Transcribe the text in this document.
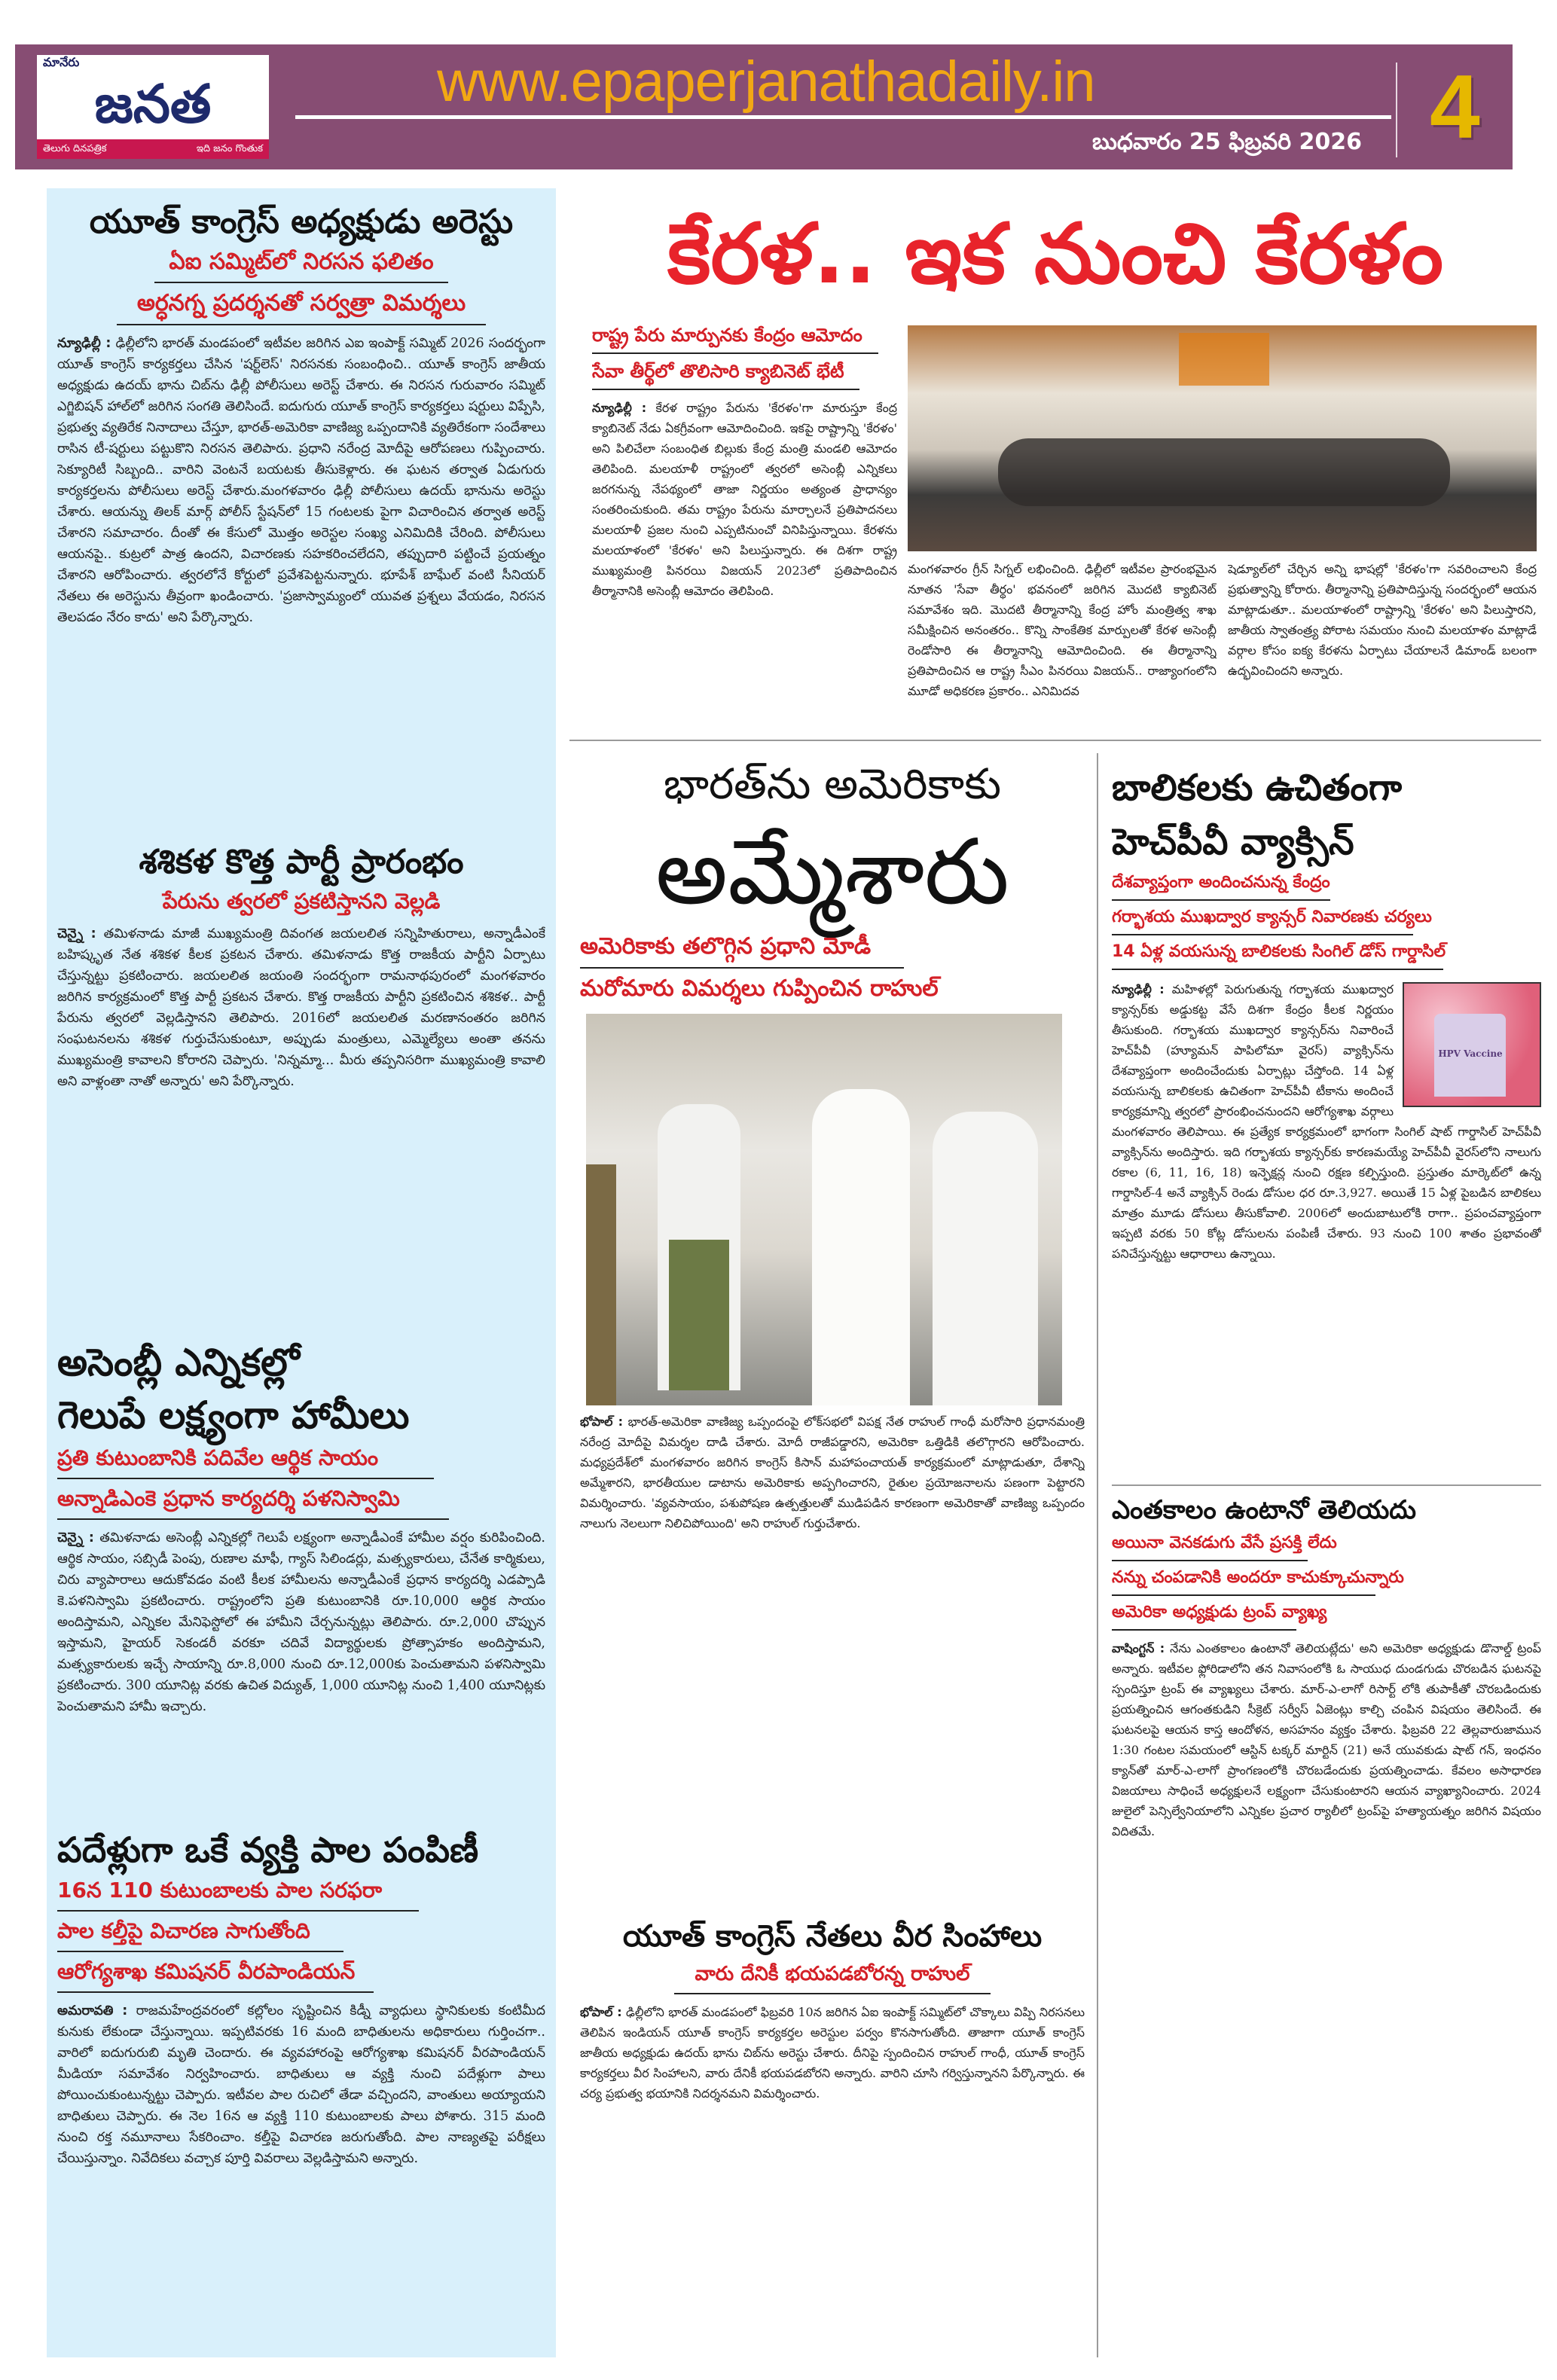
మానేరు
జనత
తెలుగు దినపత్రిక	ఇది జనం గొంతుక
www.epaperjanathadaily.in
బుధవారం 25 ఫిబ్రవరి 2026 4
యూత్ కాంగ్రెస్ అధ్యక్షుడు అరెస్టు
ఏఐ సమ్మిట్‌లో నిరసన ఫలితం
అర్ధనగ్న ప్రదర్శనతో సర్వత్రా విమర్శలు

న్యూఢిల్లీ : ఢిల్లీలోని భారత్ మండపంలో ఇటీవల జరిగిన ఎఐ ఇంపాక్ట్ సమ్మిట్ 2026 సందర్భంగా యూత్ కాంగ్రెస్ కార్యకర్తలు చేసిన 'షర్ట్‌లెస్' నిరసనకు సంబంధించి.. యూత్ కాంగ్రెస్ జాతీయ అధ్యక్షుడు ఉదయ్ భాను చిబ్‌ను ఢిల్లీ పోలీసులు అరెస్ట్ చేశారు. ఈ నిరసన గురువారం సమ్మిట్ ఎగ్జిబిషన్ హాల్‌లో జరిగిన సంగతి తెలిసిందే. ఐదుగురు యూత్ కాంగ్రెస్ కార్యకర్తలు షర్టులు విప్పేసి, ప్రభుత్వ వ్యతిరేక నినాదాలు చేస్తూ, భారత్-అమెరికా వాణిజ్య ఒప్పందానికి వ్యతిరేకంగా సందేశాలు రాసిన టీ-షర్టులు పట్టుకొని నిరసన తెలిపారు. ప్రధాని నరేంద్ర మోదీపై ఆరోపణలు గుప్పించారు. సెక్యూరిటీ సిబ్బంది.. వారిని వెంటనే బయటకు తీసుకెళ్లారు. ఈ ఘటన తర్వాత ఏడుగురు కార్యకర్తలను పోలీసులు అరెస్ట్ చేశారు.మంగళవారం ఢిల్లీ పోలీసులు ఉదయ్ భానును అరెస్టు చేశారు. ఆయన్ను తిలక్ మార్గ్ పోలీస్ స్టేషన్‌లో 15 గంటలకు పైగా విచారించిన తర్వాత అరెస్ట్ చేశారని సమాచారం. దీంతో ఈ కేసులో మొత్తం అరెస్టల సంఖ్య ఎనిమిదికి చేరింది. పోలీసులు ఆయనపై.. కుట్రలో పాత్ర ఉందని, విచారణకు సహకరించలేదని, తప్పుదారి పట్టించే ప్రయత్నం చేశారని ఆరోపించారు. త్వరలోనే కోర్టులో ప్రవేశపెట్టనున్నారు. భూపేశ్ బాఘేల్ వంటి సీనియర్ నేతలు ఈ అరెస్టును తీవ్రంగా ఖండించారు. 'ప్రజాస్వామ్యంలో యువత ప్రశ్నలు వేయడం, నిరసన తెలపడం నేరం కాదు' అని పేర్కొన్నారు.

శశికళ కొత్త పార్టీ ప్రారంభం
పేరును త్వరలో ప్రకటిస్తానని వెల్లడి

చెన్నై : తమిళనాడు మాజీ ముఖ్యమంత్రి దివంగత జయలలిత సన్నిహితురాలు, అన్నాడీఎంకే బహిష్కృత నేత శశికళ కీలక ప్రకటన చేశారు. తమిళనాడు కొత్త రాజకీయ పార్టీని ఏర్పాటు చేస్తున్నట్టు ప్రకటించారు. జయలలిత జయంతి సందర్భంగా రామనాథపురంలో మంగళవారం జరిగిన కార్యక్రమంలో కొత్త పార్టీ ప్రకటన చేశారు. కొత్త రాజకీయ పార్టీని ప్రకటించిన శశికళ.. పార్టీ పేరును త్వరలో వెల్లడిస్తానని తెలిపారు. 2016లో జయలలిత మరణానంతరం జరిగిన సంఘటనలను శశికళ గుర్తుచేసుకుంటూ, అప్పుడు మంత్రులు, ఎమ్మెల్యేలు అంతా తనను ముఖ్యమంత్రి కావాలని కోరారని చెప్పారు. 'నిన్నమ్మా... మీరు తప్పనిసరిగా ముఖ్యమంత్రి కావాలి అని వాళ్లంతా నాతో అన్నారు' అని పేర్కొన్నారు.

అసెంబ్లీ ఎన్నికల్లో
గెలుపే లక్ష్యంగా హామీలు
ప్రతి కుటుంబానికి పదివేల ఆర్థిక సాయం
అన్నాడిఎంకె ప్రధాన కార్యదర్శి పళనిస్వామి

చెన్నై : తమిళనాడు అసెంబ్లీ ఎన్నికల్లో గెలుపే లక్ష్యంగా అన్నాడీఎంకే హామీల వర్షం కురిపించింది. ఆర్థిక సాయం, సబ్సిడీ పెంపు, రుణాల మాఫీ, గ్యాస్ సిలిండర్లు, మత్స్యకారులు, చేనేత కార్మికులు, చిరు వ్యాపారాలు ఆదుకోవడం వంటి కీలక హామీలను అన్నాడీఎంకే ప్రధాన కార్యదర్శి ఎడప్పాడి కె.పళనిస్వామి ప్రకటించారు. రాష్ట్రంలోని ప్రతి కుటుంబానికి రూ.10,000 ఆర్థిక సాయం అందిస్తామని, ఎన్నికల మేనిఫెస్టోలో ఈ హామీని చేర్చనున్నట్లు తెలిపారు. రూ.2,000 చొప్పున ఇస్తామని, హైయర్ సెకండరీ వరకూ చదివే విద్యార్థులకు ప్రోత్సాహకం అందిస్తామని, మత్స్యకారులకు ఇచ్చే సాయాన్ని రూ.8,000 నుంచి రూ.12,000కు పెంచుతామని పళనిస్వామి ప్రకటించారు. 300 యూనిట్ల వరకు ఉచిత విద్యుత్, 1,000 యూనిట్ల నుంచి 1,400 యూనిట్లకు పెంచుతామని హామీ ఇచ్చారు.

పదేళ్లుగా ఒకే వ్యక్తి పాల పంపిణీ
16న 110 కుటుంబాలకు పాల సరఫరా
పాల కల్తీపై విచారణ సాగుతోంది
ఆరోగ్యశాఖ కమిషనర్ వీరపాండియన్

అమరావతి : రాజమహేంద్రవరంలో కల్లోలం సృష్టించిన కిడ్నీ వ్యాధులు స్థానికులకు కంటిమీద కునుకు లేకుండా చేస్తున్నాయి. ఇప్పటివరకు 16 మంది బాధితులను అధికారులు గుర్తించగా.. వారిలో ఐదుగురుబి మృతి చెందారు. ఈ వ్యవహారంపై ఆరోగ్యశాఖ కమిషనర్ వీరపాండియన్ మీడియా సమావేశం నిర్వహించారు. బాధితులు ఆ వ్యక్తి నుంచి పదేళ్లుగా పాలు పోయించుకుంటున్నట్టు చెప్పారు. ఇటీవల పాల రుచిలో తేడా వచ్చిందని, వాంతులు అయ్యాయని బాధితులు చెప్పారు. ఈ నెల 16న ఆ వ్యక్తి 110 కుటుంబాలకు పాలు పోశారు. 315 మంది నుంచి రక్త నమూనాలు సేకరించాం. కల్తీపై విచారణ జరుగుతోంది. పాల నాణ్యతపై పరీక్షలు చేయిస్తున్నాం. నివేదికలు వచ్చాక పూర్తి వివరాలు వెల్లడిస్తామని అన్నారు.

కేరళ.. ఇక నుంచి కేరళం
రాష్ట్ర పేరు మార్పునకు కేంద్రం ఆమోదం
సేవా తీర్థ్‌లో తొలిసారి క్యాబినెట్ భేటీ

న్యూఢిల్లీ : కేరళ రాష్ట్రం పేరును 'కేరళం'గా మారుస్తూ కేంద్ర క్యాబినెట్ నేడు ఏకగ్రీవంగా ఆమోదించింది. ఇకపై రాష్ట్రాన్ని 'కేరళం' అని పిలిచేలా సంబంధిత బిల్లుకు కేంద్ర మంత్రి మండలి ఆమోదం తెలిపింది. మలయాళీ రాష్ట్రంలో త్వరలో అసెంబ్లీ ఎన్నికలు జరగనున్న నేపథ్యంలో తాజా నిర్ణయం అత్యంత ప్రాధాన్యం సంతరించుకుంది. తమ రాష్ట్రం పేరును మార్చాలనే ప్రతిపాదనలు మలయాళీ ప్రజల నుంచి ఎప్పటినుంచో వినిపిస్తున్నాయి. కేరళను మలయాళంలో 'కేరళం' అని పిలుస్తున్నారు. ఈ దిశగా రాష్ట్ర ముఖ్యమంత్రి పినరయి విజయన్ 2023లో ప్రతిపాదించిన తీర్మానానికి అసెంబ్లీ ఆమోదం తెలిపింది.

మంగళవారం గ్రీన్ సిగ్నల్ లభించింది. ఢిల్లీలో ఇటీవల ప్రారంభమైన నూతన 'సేవా తీర్థం' భవనంలో జరిగిన మొదటి క్యాబినెట్ సమావేశం ఇది. మొదటి తీర్మానాన్ని కేంద్ర హోం మంత్రిత్వ శాఖ సమీక్షించిన అనంతరం.. కొన్ని సాంకేతిక మార్పులతో కేరళ అసెంబ్లీ రెండోసారి ఈ తీర్మానాన్ని ఆమోదించింది. ఈ తీర్మానాన్ని ప్రతిపాదించిన ఆ రాష్ట్ర సీఎం పినరయి విజయన్.. రాజ్యాంగంలోని మూడో అధికరణ ప్రకారం.. ఎనిమిదవ

షెడ్యూల్‌లో చేర్చిన అన్ని భాషల్లో 'కేరళం'గా సవరించాలని కేంద్ర ప్రభుత్వాన్ని కోరారు. తీర్మానాన్ని ప్రతిపాదిస్తున్న సందర్భంలో ఆయన మాట్లాడుతూ.. మలయాళంలో రాష్ట్రాన్ని 'కేరళం' అని పిలుస్తారని, జాతీయ స్వాతంత్ర్య పోరాట సమయం నుంచి మలయాళం మాట్లాడే వర్గాల కోసం ఐక్య కేరళను ఏర్పాటు చేయాలనే డిమాండ్ బలంగా ఉద్భవించిందని అన్నారు.

భారత్‌ను అమెరికాకు
అమ్మేశారు
అమెరికాకు తలొగ్గిన ప్రధాని మోడీ
మరోమారు విమర్శలు గుప్పించిన రాహుల్

భోపాల్ : భారత్-అమెరికా వాణిజ్య ఒప్పందంపై లోక్‌సభలో విపక్ష నేత రాహుల్ గాంధీ మరోసారి ప్రధానమంత్రి నరేంద్ర మోదీపై విమర్శల దాడి చేశారు. మోదీ రాజీపడ్డారని, అమెరికా ఒత్తిడికి తలొగ్గారని ఆరోపించారు. మధ్యప్రదేశ్‌లో మంగళవారం జరిగిన కాంగ్రెస్ కిసాన్ మహాపంచాయత్ కార్యక్రమంలో మాట్లాడుతూ, దేశాన్ని అమ్మేశారని, భారతీయుల డాటాను అమెరికాకు అప్పగించారని, రైతుల ప్రయోజనాలను పణంగా పెట్టారని విమర్శించారు. 'వ్యవసాయం, పశుపోషణ ఉత్పత్తులతో ముడిపడిన కారణంగా అమెరికాతో వాణిజ్య ఒప్పందం నాలుగు నెలలుగా నిలిచిపోయింది' అని రాహుల్ గుర్తుచేశారు.

యూత్ కాంగ్రెస్ నేతలు వీర సింహాలు
వారు దేనికీ భయపడబోరన్న రాహుల్

భోపాల్ : ఢిల్లీలోని భారత్ మండపంలో ఫిబ్రవరి 10న జరిగిన ఏఐ ఇంపాక్ట్ సమ్మిట్‌లో చొక్కాలు విప్పి నిరసనలు తెలిపిన ఇండియన్ యూత్ కాంగ్రెస్ కార్యకర్తల అరెస్టుల పర్వం కొనసాగుతోంది. తాజాగా యూత్ కాంగ్రెస్ జాతీయ అధ్యక్షుడు ఉదయ్ భాను చిబ్‌ను అరెస్టు చేశారు. దీనిపై స్పందించిన రాహుల్ గాంధీ, యూత్ కాంగ్రెస్ కార్యకర్తలు వీర సింహాలని, వారు దేనికీ భయపడబోరని అన్నారు. వారిని చూసి గర్విస్తున్నానని పేర్కొన్నారు. ఈ చర్య ప్రభుత్వ భయానికి నిదర్శనమని విమర్శించారు.

బాలికలకు ఉచితంగా
హెచ్‌పీవీ వ్యాక్సిన్
దేశవ్యాప్తంగా అందించనున్న కేంద్రం
గర్భాశయ ముఖద్వార క్యాన్సర్ నివారణకు చర్యలు
14 ఏళ్ల వయసున్న బాలికలకు సింగిల్ డోస్ గార్డాసిల్
HPV Vaccine
న్యూఢిల్లీ : మహిళల్లో పెరుగుతున్న గర్భాశయ ముఖద్వార క్యాన్సర్‌కు అడ్డుకట్ట వేసే దిశగా కేంద్రం కీలక నిర్ణయం తీసుకుంది. గర్భాశయ ముఖద్వార క్యాన్సర్‌ను నివారించే హెచ్‌పీవీ (హ్యూమన్ పాపిలోమా వైరస్) వ్యాక్సిన్‌ను దేశవ్యాప్తంగా అందించేందుకు ఏర్పాట్లు చేస్తోంది. 14 ఏళ్ల వయసున్న బాలికలకు ఉచితంగా హెచ్‌పీవీ టీకాను అందించే కార్యక్రమాన్ని త్వరలో ప్రారంభించనుందని ఆరోగ్యశాఖ వర్గాలు మంగళవారం తెలిపాయి. ఈ ప్రత్యేక కార్యక్రమంలో భాగంగా సింగిల్ షాట్ గార్డాసిల్ హెచ్‌పీవీ వ్యాక్సిన్‌ను అందిస్తారు. ఇది గర్భాశయ క్యాన్సర్‌కు కారణమయ్యే హెచ్‌పీవీ వైరస్‌లోని నాలుగు రకాల (6, 11, 16, 18) ఇన్ఫెక్షన్ల నుంచి రక్షణ కల్పిస్తుంది. ప్రస్తుతం మార్కెట్‌లో ఉన్న గార్డాసిల్-4 అనే వ్యాక్సిన్ రెండు డోసుల ధర రూ.3,927. అయితే 15 ఏళ్ల పైబడిన బాలికలు మాత్రం మూడు డోసులు తీసుకోవాలి. 2006లో అందుబాటులోకి రాగా.. ప్రపంచవ్యాప్తంగా ఇప్పటి వరకు 50 కోట్ల డోసులను పంపిణీ చేశారు. 93 నుంచి 100 శాతం ప్రభావంతో పనిచేస్తున్నట్టు ఆధారాలు ఉన్నాయి.
ఎంతకాలం ఉంటానో తెలియదు
అయినా వెనకడుగు వేసే ప్రసక్తి లేదు
నన్ను చంపడానికి అందరూ కాచుక్కూచున్నారు
అమెరికా అధ్యక్షుడు ట్రంప్ వ్యాఖ్య

వాషింగ్టన్ : నేను ఎంతకాలం ఉంటానో తెలియట్లేదు' అని అమెరికా అధ్యక్షుడు డొనాల్డ్ ట్రంప్ అన్నారు. ఇటీవల ఫ్లోరిడాలోని తన నివాసంలోకి ఓ సాయుధ దుండగుడు చొరబడిన ఘటనపై స్పందిస్తూ ట్రంప్ ఈ వ్యాఖ్యలు చేశారు. మార్-ఎ-లాగో రిసార్ట్ లోకి తుపాకీతో చొరబడిందుకు ప్రయత్నించిన ఆగంతకుడిని సీక్రెట్ సర్వీస్ ఏజెంట్లు కాల్చి చంపిన విషయం తెలిసిందే. ఈ ఘటనలపై ఆయన కాస్త ఆందోళన, అసహనం వ్యక్తం చేశారు. ఫిబ్రవరి 22 తెల్లవారుజామున 1:30 గంటల సమయంలో ఆస్టిన్ టక్కర్ మార్టిన్ (21) అనే యువకుడు షాట్ గన్, ఇంధనం క్యాన్‌తో మార్-ఎ-లాగో ప్రాంగణంలోకి చొరబడేందుకు ప్రయత్నించాడు. కేవలం అసాధారణ విజయాలు సాధించే అధ్యక్షులనే లక్ష్యంగా చేసుకుంటారని ఆయన వ్యాఖ్యానించారు. 2024 జులైలో పెన్సిల్వేనియాలోని ఎన్నికల ప్రచార ర్యాలీలో ట్రంప్‌పై హత్యాయత్నం జరిగిన విషయం విదితమే.
